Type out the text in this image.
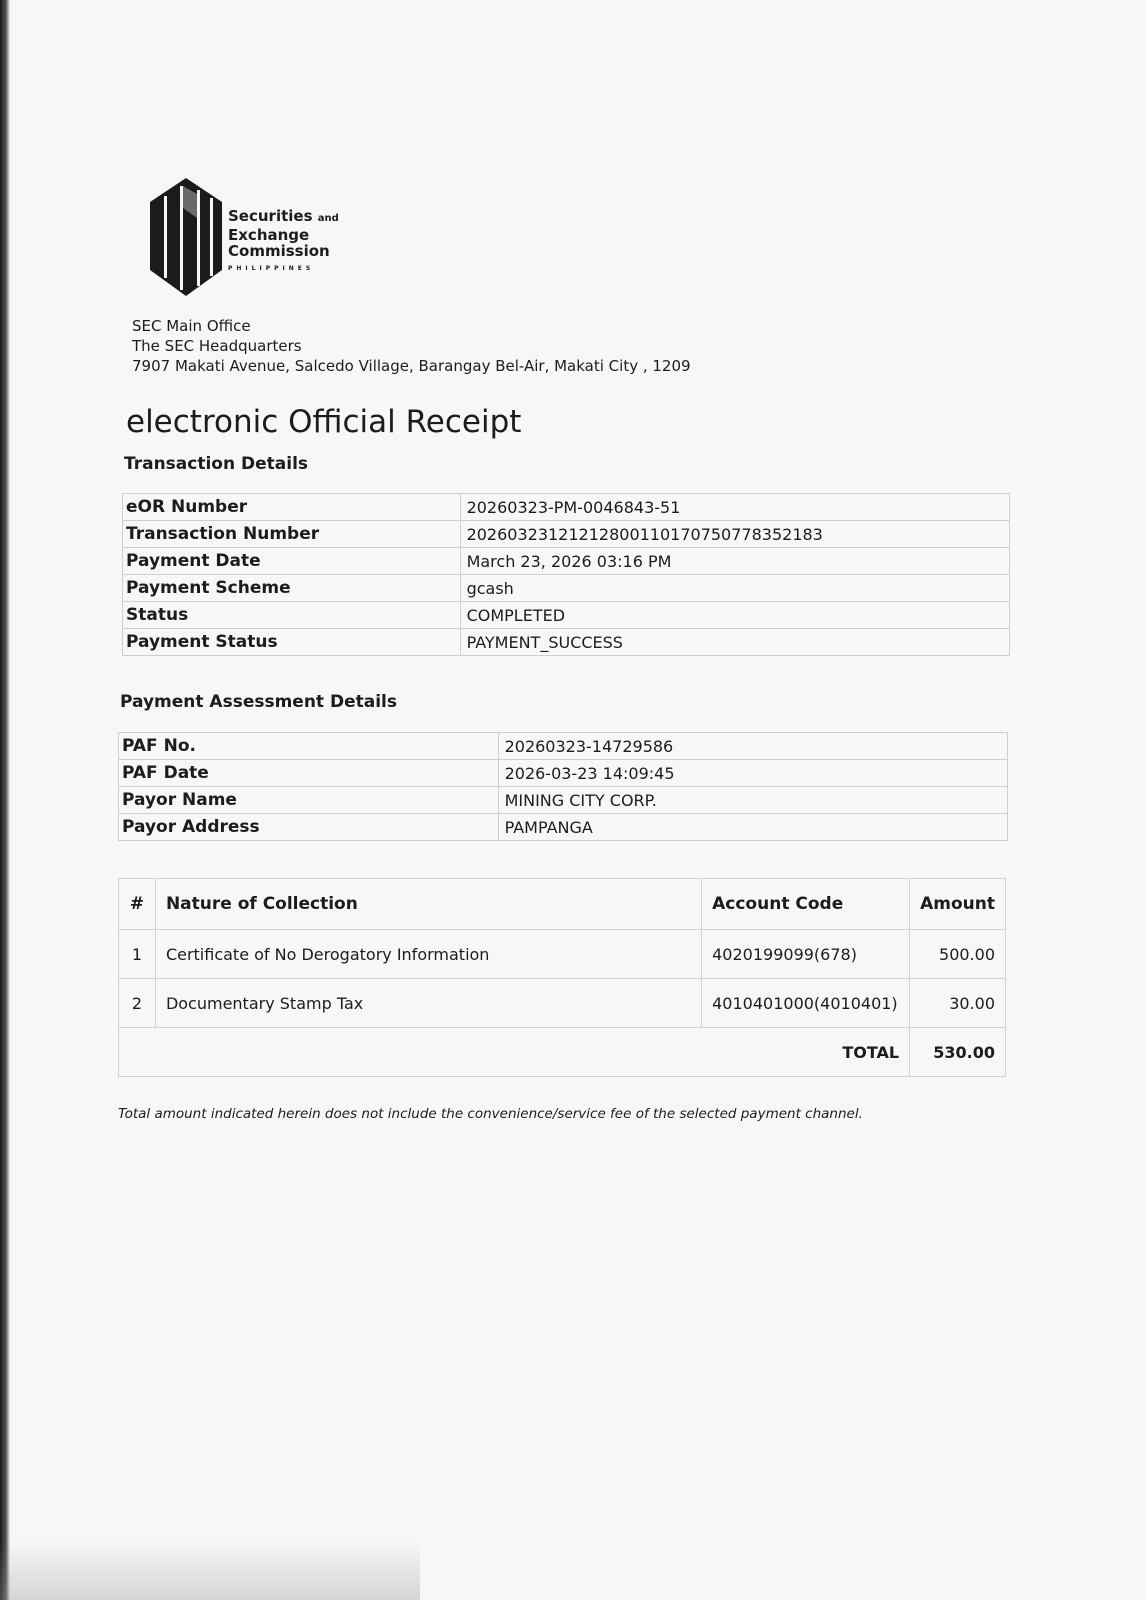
Securities and
Exchange
Commission
PHILIPPINES
SEC Main Office
The SEC Headquarters
7907 Makati Avenue, Salcedo Village, Barangay Bel-Air, Makati City , 1209
electronic Official Receipt
Transaction Details
eOR Number	20260323-PM-0046843-51
Transaction Number	20260323121212800110170750778352183
Payment Date	March 23, 2026 03:16 PM
Payment Scheme	gcash
Status	COMPLETED
Payment Status	PAYMENT_SUCCESS
Payment Assessment Details
PAF No.	20260323-14729586
PAF Date	2026-03-23 14:09:45
Payor Name	MINING CITY CORP.
Payor Address	PAMPANGA
#	Nature of Collection	Account Code	Amount
1	Certificate of No Derogatory Information	4020199099(678)	500.00
2	Documentary Stamp Tax	4010401000(4010401)	30.00
TOTAL			530.00
Total amount indicated herein does not include the convenience/service fee of the selected payment channel.
